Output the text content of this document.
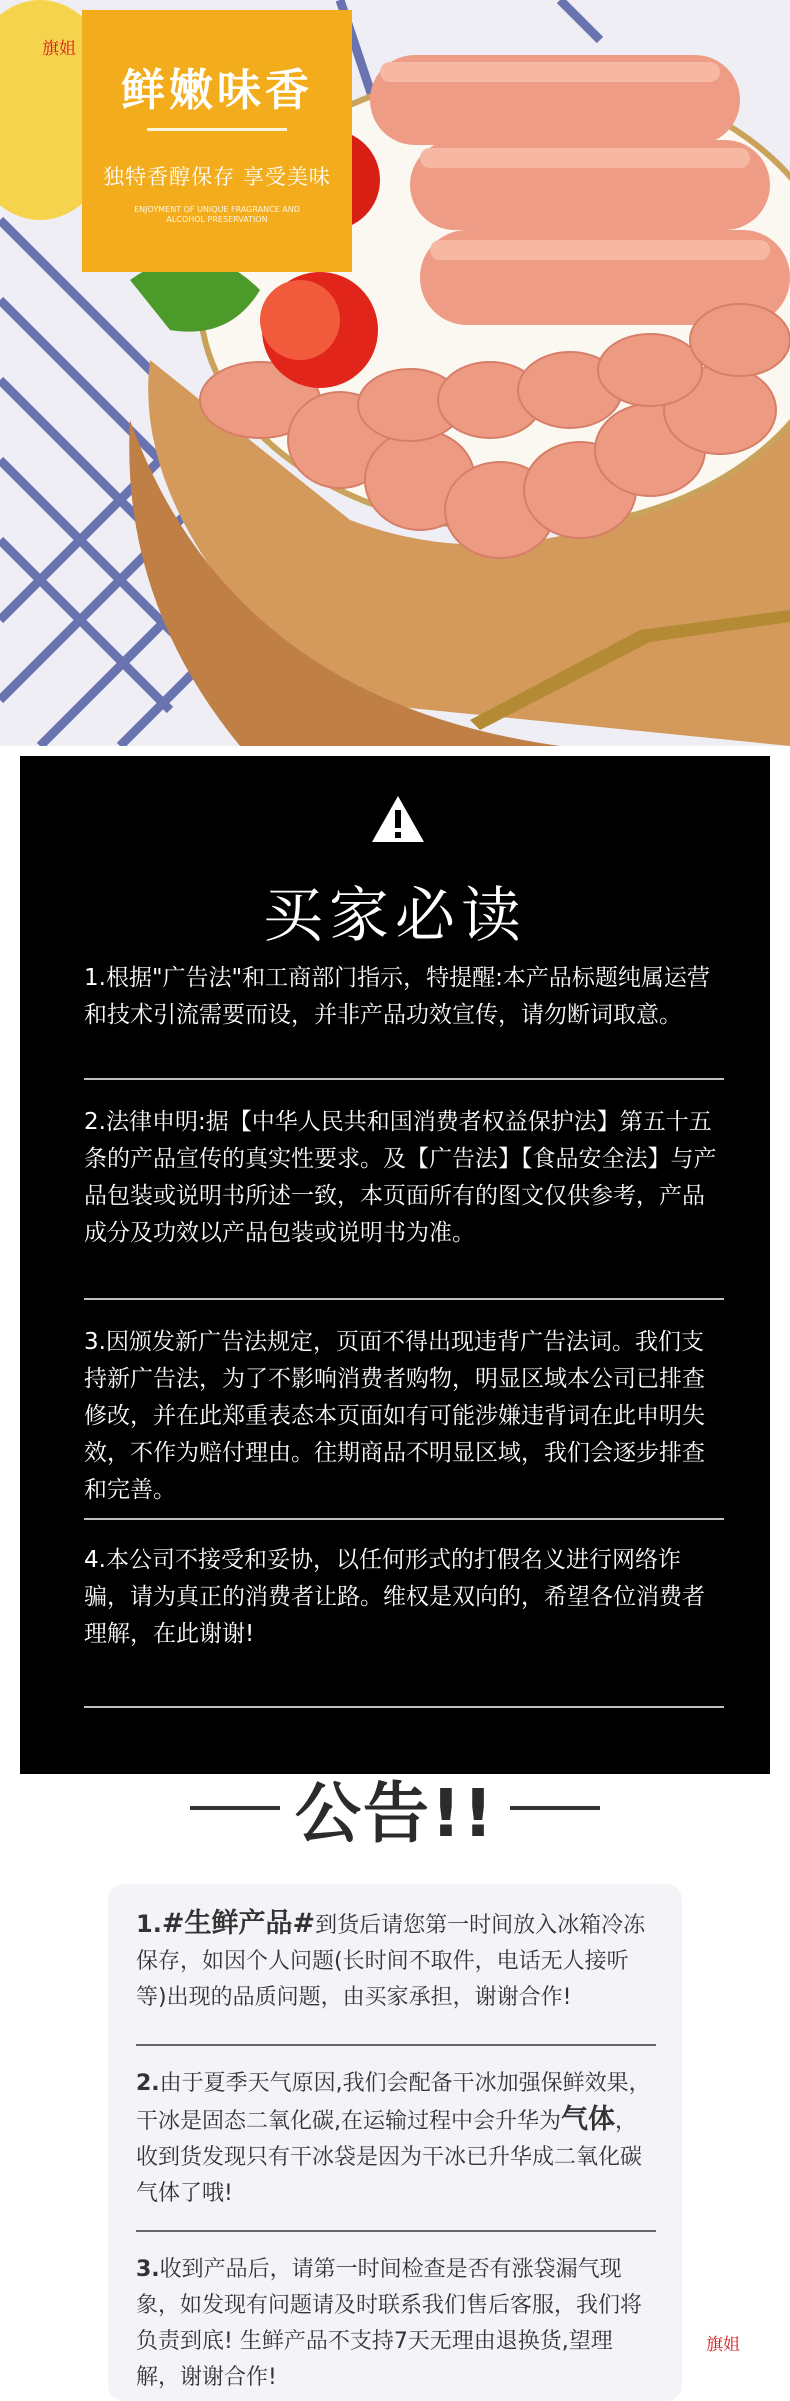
鲜嫩味香
独特香醇保存 享受美味
ENJOYMENT OF UNIQUE FRAGRANCE AND ALCOHOL PRESERVATION
旗姐
买家必读
1.根据"广告法"和工商部门指示，特提醒:本产品标题纯属运营和技术引流需要而设，并非产品功效宣传，请勿断词取意。
2.法律申明:据【中华人民共和国消费者权益保护法】第五十五条的产品宣传的真实性要求。及【广告法】【食品安全法】与产品包装或说明书所述一致，本页面所有的图文仅供参考，产品成分及功效以产品包装或说明书为准。
3.因颁发新广告法规定，页面不得出现违背广告法词。我们支持新广告法，为了不影响消费者购物，明显区域本公司已排查修改，并在此郑重表态本页面如有可能涉嫌违背词在此申明失效，不作为赔付理由。往期商品不明显区域，我们会逐步排查和完善。
4.本公司不接受和妥协，以任何形式的打假名义进行网络诈骗，请为真正的消费者让路。维权是双向的，希望各位消费者理解，在此谢谢!
公告!!
1.#生鲜产品#到货后请您第一时间放入冰箱冷冻保存，如因个人问题(长时间不取件，电话无人接听等)出现的品质问题，由买家承担，谢谢合作!
2.由于夏季天气原因,我们会配备干冰加强保鲜效果，干冰是固态二氧化碳,在运输过程中会升华为气体，收到货发现只有干冰袋是因为干冰已升华成二氧化碳气体了哦!
3.收到产品后，请第一时间检查是否有涨袋漏气现象，如发现有问题请及时联系我们售后客服，我们将负责到底! 生鲜产品不支持7天无理由退换货,望理解，谢谢合作!
旗姐
